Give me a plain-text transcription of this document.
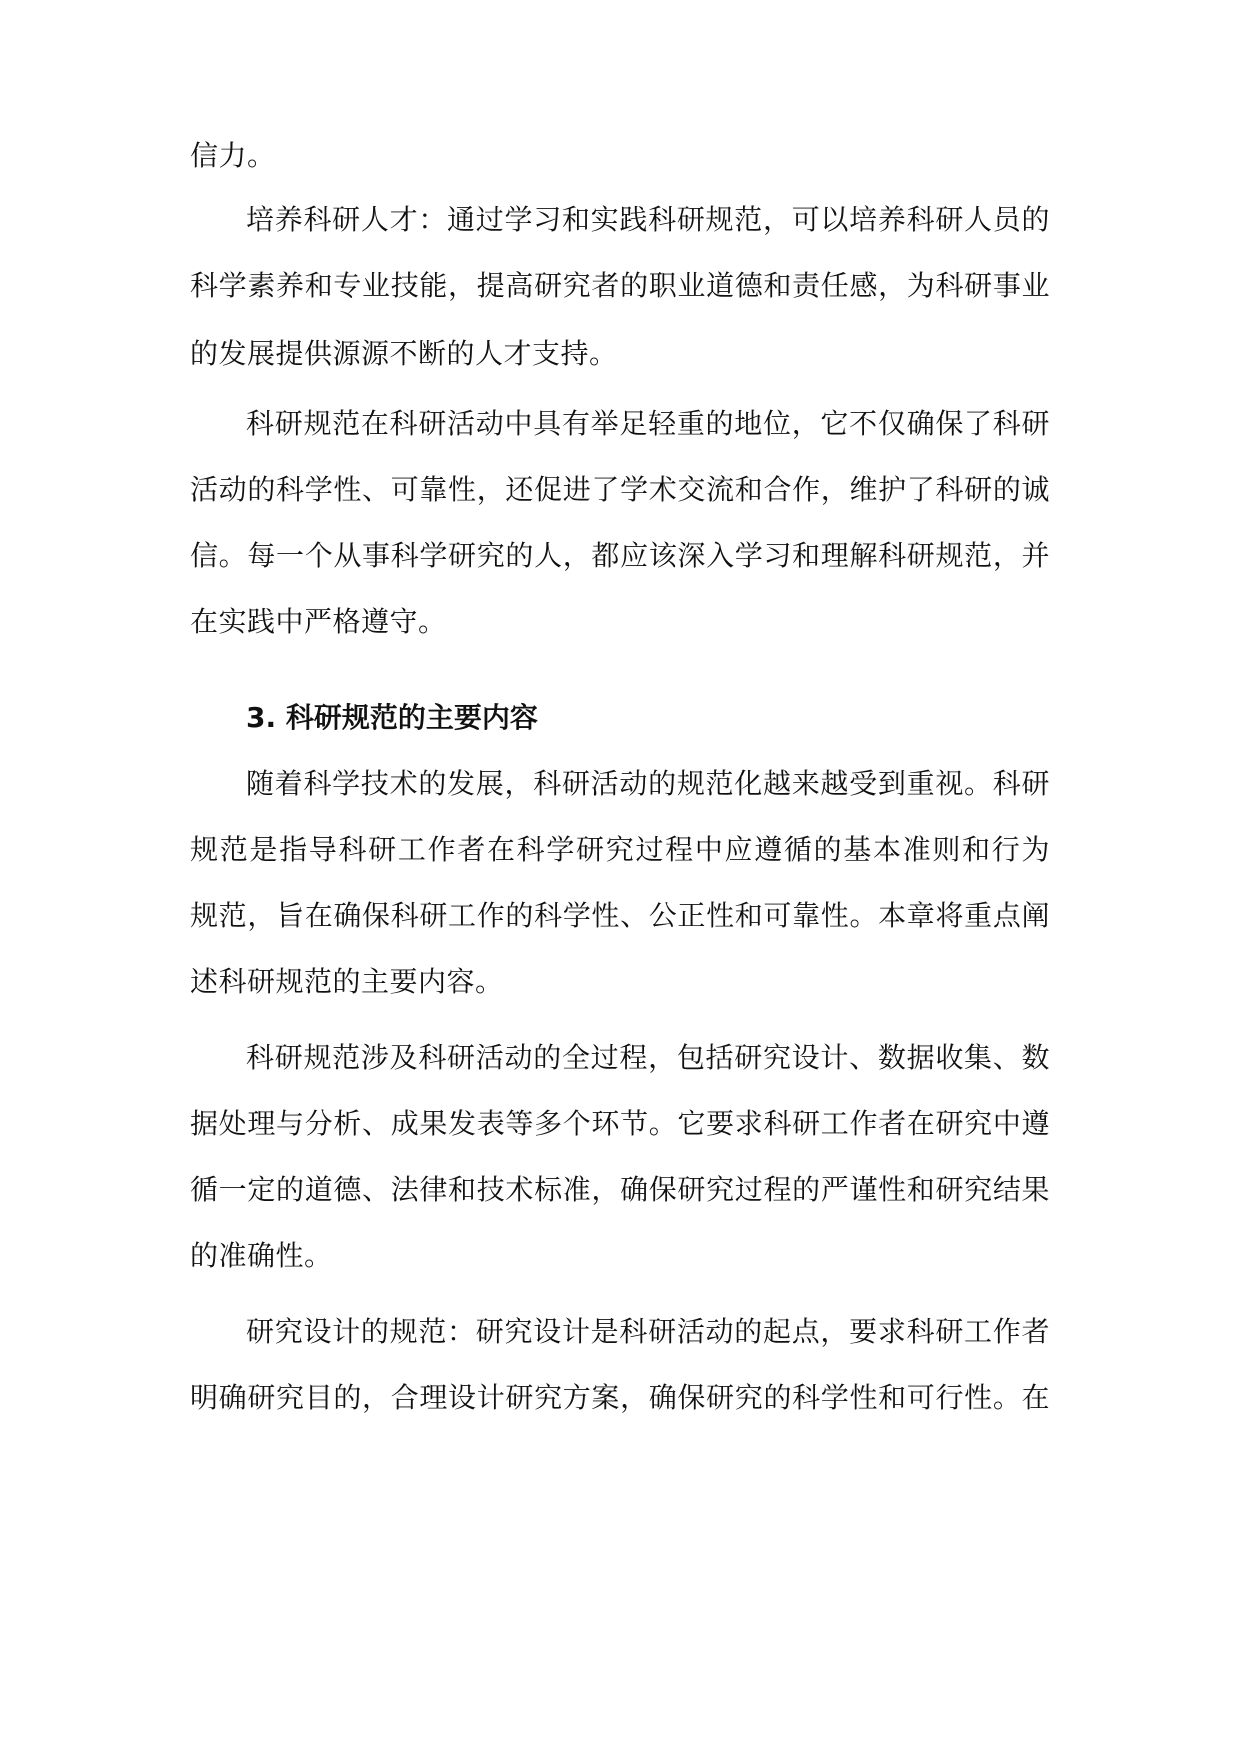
信力。
培养科研人才：通过学习和实践科研规范，可以培养科研人员的
科学素养和专业技能，提高研究者的职业道德和责任感，为科研事业
的发展提供源源不断的人才支持。
科研规范在科研活动中具有举足轻重的地位，它不仅确保了科研
活动的科学性、可靠性，还促进了学术交流和合作，维护了科研的诚
信。每一个从事科学研究的人，都应该深入学习和理解科研规范，并
在实践中严格遵守。
3. 科研规范的主要内容
随着科学技术的发展，科研活动的规范化越来越受到重视。科研
规范是指导科研工作者在科学研究过程中应遵循的基本准则和行为
规范，旨在确保科研工作的科学性、公正性和可靠性。本章将重点阐
述科研规范的主要内容。
科研规范涉及科研活动的全过程，包括研究设计、数据收集、数
据处理与分析、成果发表等多个环节。它要求科研工作者在研究中遵
循一定的道德、法律和技术标准，确保研究过程的严谨性和研究结果
的准确性。
研究设计的规范：研究设计是科研活动的起点，要求科研工作者
明确研究目的，合理设计研究方案，确保研究的科学性和可行性。在
